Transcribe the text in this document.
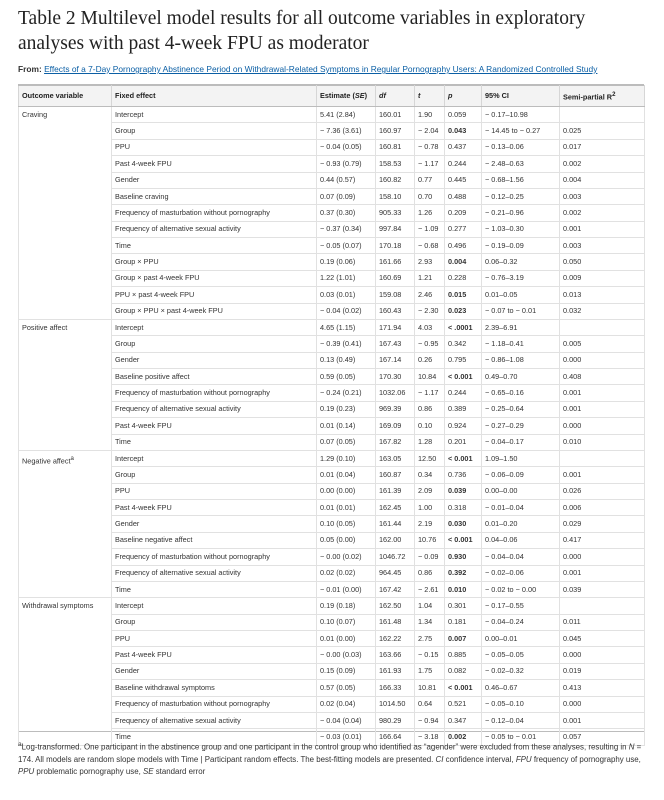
Table 2 Multilevel model results for all outcome variables in exploratory analyses with past 4-week FPU as moderator
From: Effects of a 7-Day Pornography Abstinence Period on Withdrawal-Related Symptoms in Regular Pornography Users: A Randomized Controlled Study
Outcome variable	Fixed effect	Estimate (SE)	df	t	p	95% CI	Semi-partial $R^2$
Craving	Intercept	5.41 (2.84)	160.01	1.90	0.059	− 0.17–10.98	
	Group	− 7.36 (3.61)	160.97	− 2.04	0.043	− 14.45 to − 0.27	0.025
	PPU	− 0.04 (0.05)	160.81	− 0.78	0.437	− 0.13–0.06	0.017
	Past 4-week FPU	− 0.93 (0.79)	158.53	− 1.17	0.244	− 2.48–0.63	0.002
	Gender	0.44 (0.57)	160.82	0.77	0.445	− 0.68–1.56	0.004
	Baseline craving	0.07 (0.09)	158.10	0.70	0.488	− 0.12–0.25	0.003
	Frequency of masturbation without pornography	0.37 (0.30)	905.33	1.26	0.209	− 0.21–0.96	0.002
	Frequency of alternative sexual activity	− 0.37 (0.34)	997.84	− 1.09	0.277	− 1.03–0.30	0.001
	Time	− 0.05 (0.07)	170.18	− 0.68	0.496	− 0.19–0.09	0.003
	Group × PPU	0.19 (0.06)	161.66	2.93	0.004	0.06–0.32	0.050
	Group × past 4-week FPU	1.22 (1.01)	160.69	1.21	0.228	− 0.76–3.19	0.009
	PPU × past 4-week FPU	0.03 (0.01)	159.08	2.46	0.015	0.01–0.05	0.013
	Group × PPU × past 4-week FPU	− 0.04 (0.02)	160.43	− 2.30	0.023	− 0.07 to − 0.01	0.032
Positive affect	Intercept	4.65 (1.15)	171.94	4.03	< .0001	2.39–6.91	
	Group	− 0.39 (0.41)	167.43	− 0.95	0.342	− 1.18–0.41	0.005
	Gender	0.13 (0.49)	167.14	0.26	0.795	− 0.86–1.08	0.000
	Baseline positive affect	0.59 (0.05)	170.30	10.84	< 0.001	0.49–0.70	0.408
	Frequency of masturbation without pornography	− 0.24 (0.21)	1032.06	− 1.17	0.244	− 0.65–0.16	0.001
	Frequency of alternative sexual activity	0.19 (0.23)	969.39	0.86	0.389	− 0.25–0.64	0.001
	Past 4-week FPU	0.01 (0.14)	169.09	0.10	0.924	− 0.27–0.29	0.000
	Time	0.07 (0.05)	167.82	1.28	0.201	− 0.04–0.17	0.010
Negative affect$^a$	Intercept	1.29 (0.10)	163.05	12.50	< 0.001	1.09–1.50	
	Group	0.01 (0.04)	160.87	0.34	0.736	− 0.06–0.09	0.001
	PPU	0.00 (0.00)	161.39	2.09	0.039	0.00–0.00	0.026
	Past 4-week FPU	0.01 (0.01)	162.45	1.00	0.318	− 0.01–0.04	0.006
	Gender	0.10 (0.05)	161.44	2.19	0.030	0.01–0.20	0.029
	Baseline negative affect	0.05 (0.00)	162.00	10.76	< 0.001	0.04–0.06	0.417
	Frequency of masturbation without pornography	− 0.00 (0.02)	1046.72	− 0.09	0.930	− 0.04–0.04	0.000
	Frequency of alternative sexual activity	0.02 (0.02)	964.45	0.86	0.392	− 0.02–0.06	0.001
	Time	− 0.01 (0.00)	167.42	− 2.61	0.010	− 0.02 to − 0.00	0.039
Withdrawal symptoms	Intercept	0.19 (0.18)	162.50	1.04	0.301	− 0.17–0.55	
	Group	0.10 (0.07)	161.48	1.34	0.181	− 0.04–0.24	0.011
	PPU	0.01 (0.00)	162.22	2.75	0.007	0.00–0.01	0.045
	Past 4-week FPU	− 0.00 (0.03)	163.66	− 0.15	0.885	− 0.05–0.05	0.000
	Gender	0.15 (0.09)	161.93	1.75	0.082	− 0.02–0.32	0.019
	Baseline withdrawal symptoms	0.57 (0.05)	166.33	10.81	< 0.001	0.46–0.67	0.413
	Frequency of masturbation without pornography	0.02 (0.04)	1014.50	0.64	0.521	− 0.05–0.10	0.000
	Frequency of alternative sexual activity	− 0.04 (0.04)	980.29	− 0.94	0.347	− 0.12–0.04	0.001
	Time	− 0.03 (0.01)	166.64	− 3.18	0.002	− 0.05 to − 0.01	0.057
$^a$Log-transformed. One participant in the abstinence group and one participant in the control group who identified as “agender” were excluded from these analyses, resulting in N = 174. All models are random slope models with Time | Participant random effects. The best-fitting models are presented. CI confidence interval, FPU frequency of pornography use, PPU problematic pornography use, SE standard error
